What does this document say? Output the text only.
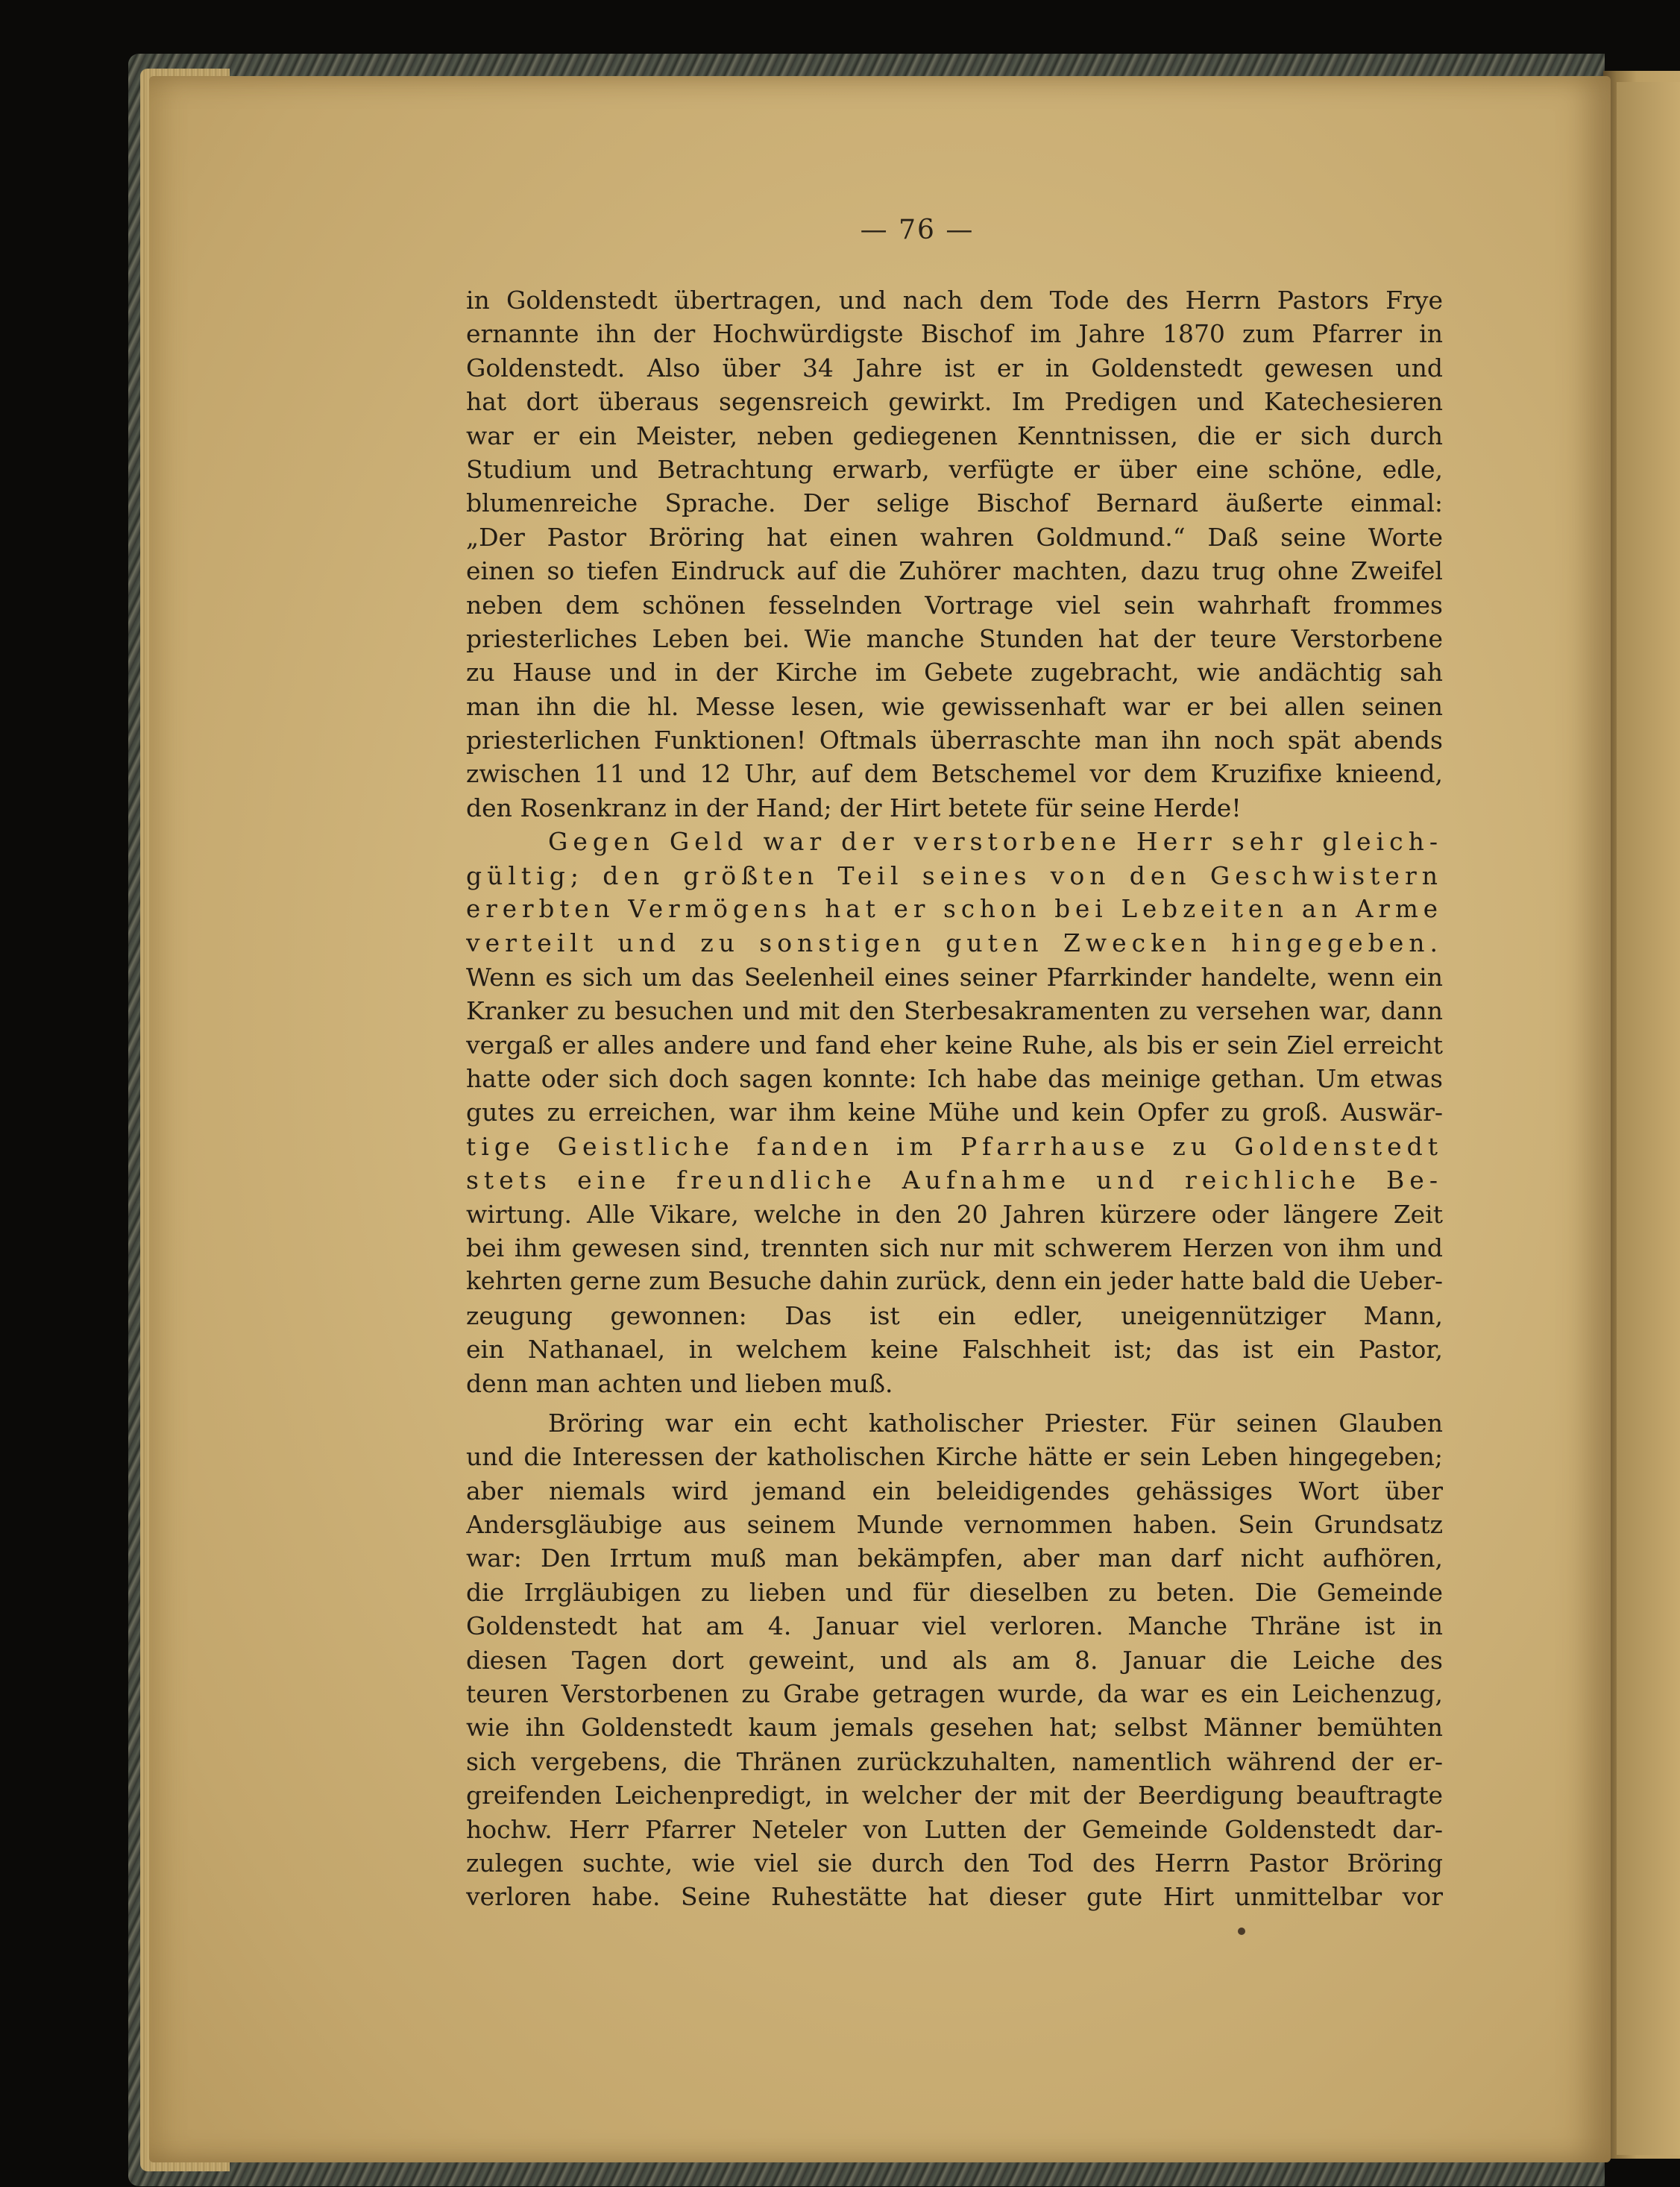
— 76 —
in Goldenstedt übertragen, und nach dem Tode des Herrn Pastors Frye
ernannte ihn der Hochwürdigste Bischof im Jahre 1870 zum Pfarrer in
Goldenstedt. Also über 34 Jahre ist er in Goldenstedt gewesen und
hat dort überaus segensreich gewirkt. Im Predigen und Katechesieren
war er ein Meister, neben gediegenen Kenntnissen, die er sich durch
Studium und Betrachtung erwarb, verfügte er über eine schöne, edle,
blumenreiche Sprache. Der selige Bischof Bernard äußerte einmal:
„Der Pastor Bröring hat einen wahren Goldmund.“ Daß seine Worte
einen so tiefen Eindruck auf die Zuhörer machten, dazu trug ohne Zweifel
neben dem schönen fesselnden Vortrage viel sein wahrhaft frommes
priesterliches Leben bei. Wie manche Stunden hat der teure Verstorbene
zu Hause und in der Kirche im Gebete zugebracht, wie andächtig sah
man ihn die hl. Messe lesen, wie gewissenhaft war er bei allen seinen
priesterlichen Funktionen! Oftmals überraschte man ihn noch spät abends
zwischen 11 und 12 Uhr, auf dem Betschemel vor dem Kruzifixe knieend,
den Rosenkranz in der Hand; der Hirt betete für seine Herde!
Gegen Geld war der verstorbene Herr sehr gleich-
gültig; den größten Teil seines von den Geschwistern
ererbten Vermögens hat er schon bei Lebzeiten an Arme
verteilt und zu sonstigen guten Zwecken hingegeben.
Wenn es sich um das Seelenheil eines seiner Pfarrkinder handelte, wenn ein
Kranker zu besuchen und mit den Sterbesakramenten zu versehen war, dann
vergaß er alles andere und fand eher keine Ruhe, als bis er sein Ziel erreicht
hatte oder sich doch sagen konnte: Ich habe das meinige gethan. Um etwas
gutes zu erreichen, war ihm keine Mühe und kein Opfer zu groß. Auswär-
tige Geistliche fanden im Pfarrhause zu Goldenstedt
stets eine freundliche Aufnahme und reichliche Be-
wirtung. Alle Vikare, welche in den 20 Jahren kürzere oder längere Zeit
bei ihm gewesen sind, trennten sich nur mit schwerem Herzen von ihm und
kehrten gerne zum Besuche dahin zurück, denn ein jeder hatte bald die Ueber-
zeugung gewonnen: Das ist ein edler, uneigennütziger Mann,
ein Nathanael, in welchem keine Falschheit ist; das ist ein Pastor,
denn man achten und lieben muß.
Bröring war ein echt katholischer Priester. Für seinen Glauben
und die Interessen der katholischen Kirche hätte er sein Leben hingegeben;
aber niemals wird jemand ein beleidigendes gehässiges Wort über
Andersgläubige aus seinem Munde vernommen haben. Sein Grundsatz
war: Den Irrtum muß man bekämpfen, aber man darf nicht aufhören,
die Irrgläubigen zu lieben und für dieselben zu beten. Die Gemeinde
Goldenstedt hat am 4. Januar viel verloren. Manche Thräne ist in
diesen Tagen dort geweint, und als am 8. Januar die Leiche des
teuren Verstorbenen zu Grabe getragen wurde, da war es ein Leichenzug,
wie ihn Goldenstedt kaum jemals gesehen hat; selbst Männer bemühten
sich vergebens, die Thränen zurückzuhalten, namentlich während der er-
greifenden Leichenpredigt, in welcher der mit der Beerdigung beauftragte
hochw. Herr Pfarrer Neteler von Lutten der Gemeinde Goldenstedt dar-
zulegen suchte, wie viel sie durch den Tod des Herrn Pastor Bröring
verloren habe. Seine Ruhestätte hat dieser gute Hirt unmittelbar vor
